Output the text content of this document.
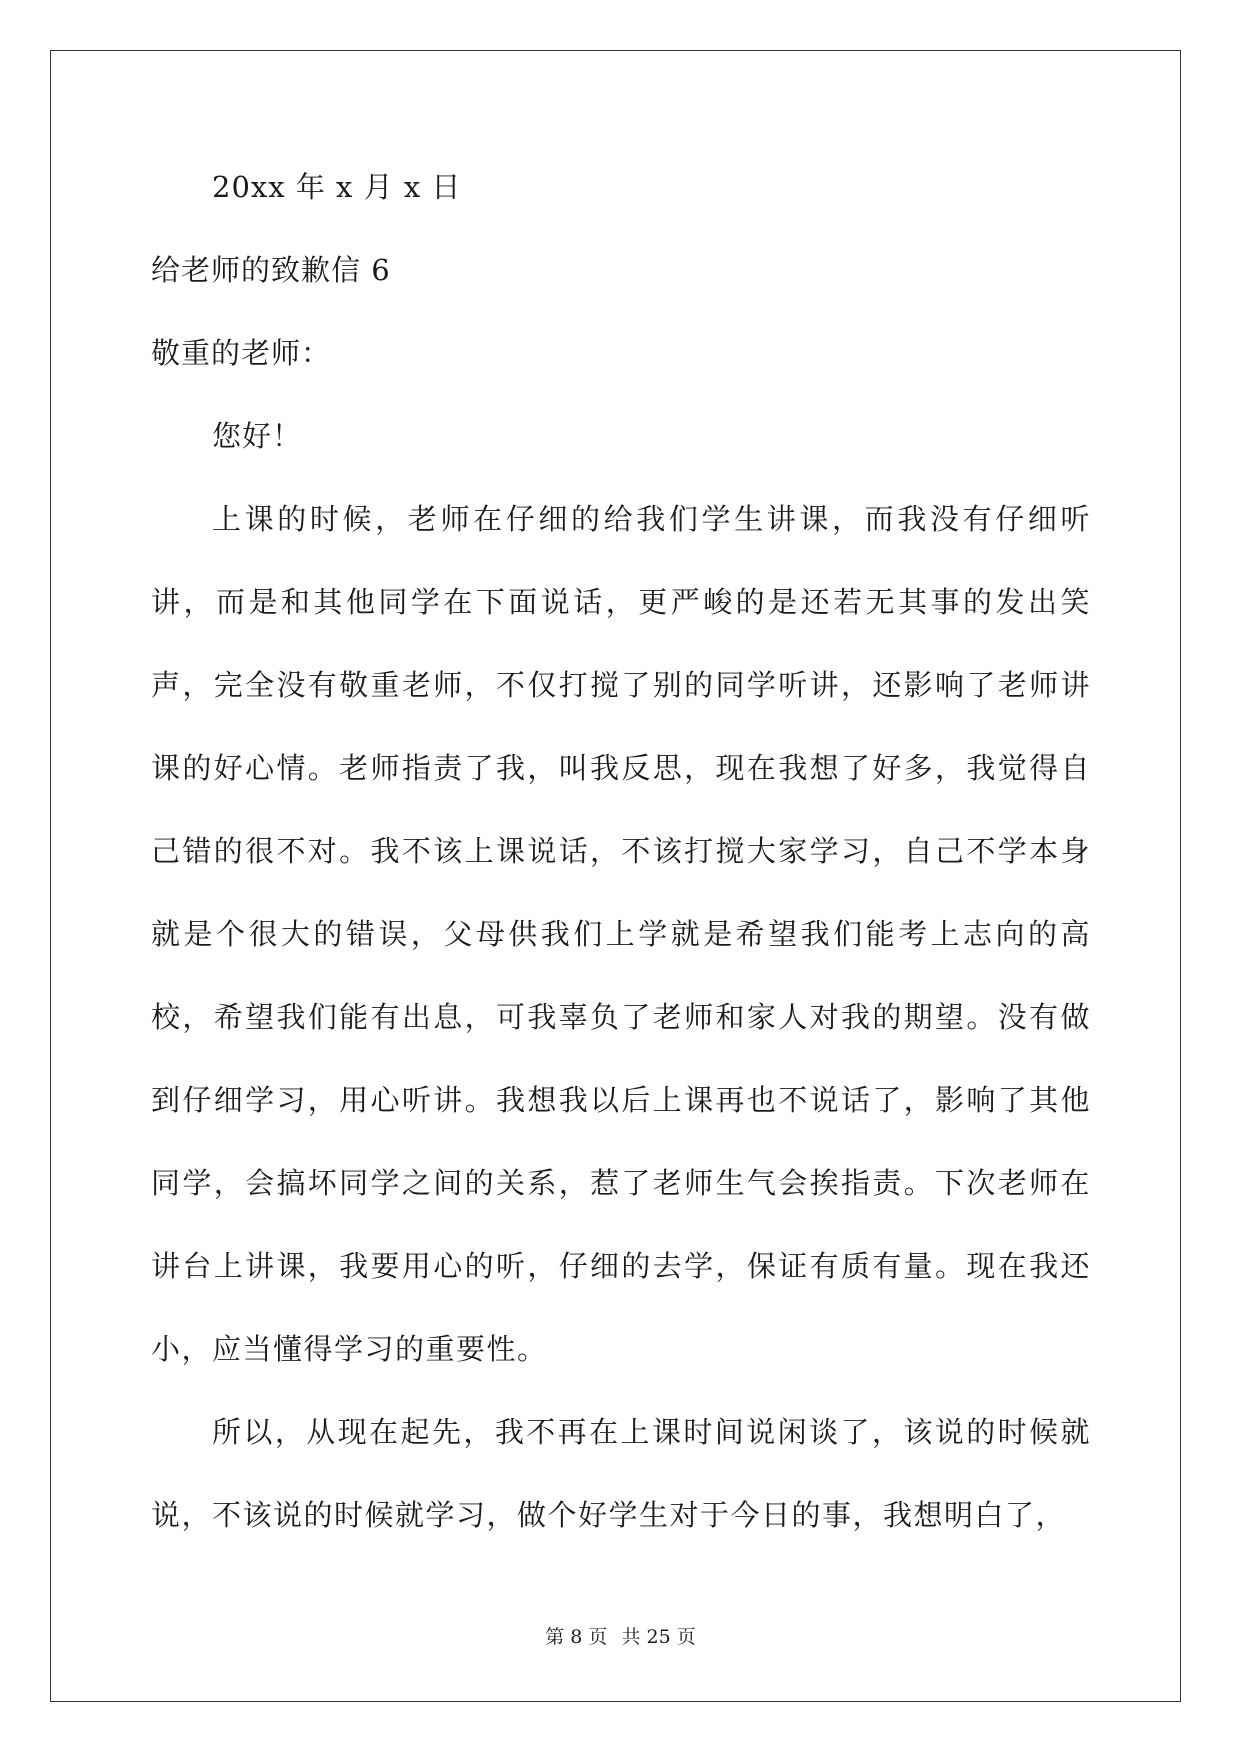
20xx 年 x 月 x 日
给老师的致歉信 6
敬重的老师：
您好！

上课的时候，老师在仔细的给我们学生讲课，而我没有仔细听讲，而是和其他同学在下面说话，更严峻的是还若无其事的发出笑声，完全没有敬重老师，不仅打搅了别的同学听讲，还影响了老师讲课的好心情。老师指责了我，叫我反思，现在我想了好多，我觉得自己错的很不对。我不该上课说话，不该打搅大家学习，自己不学本身就是个很大的错误，父母供我们上学就是希望我们能考上志向的高校，希望我们能有出息，可我辜负了老师和家人对我的期望。没有做到仔细学习，用心听讲。我想我以后上课再也不说话了，影响了其他同学，会搞坏同学之间的关系，惹了老师生气会挨指责。下次老师在讲台上讲课，我要用心的听，仔细的去学，保证有质有量。现在我还小，应当懂得学习的重要性。

所以，从现在起先，我不再在上课时间说闲谈了，该说的时候就说，不该说的时候就学习，做个好学生对于今日的事，我想明白了，

第 8 页 共 25 页
